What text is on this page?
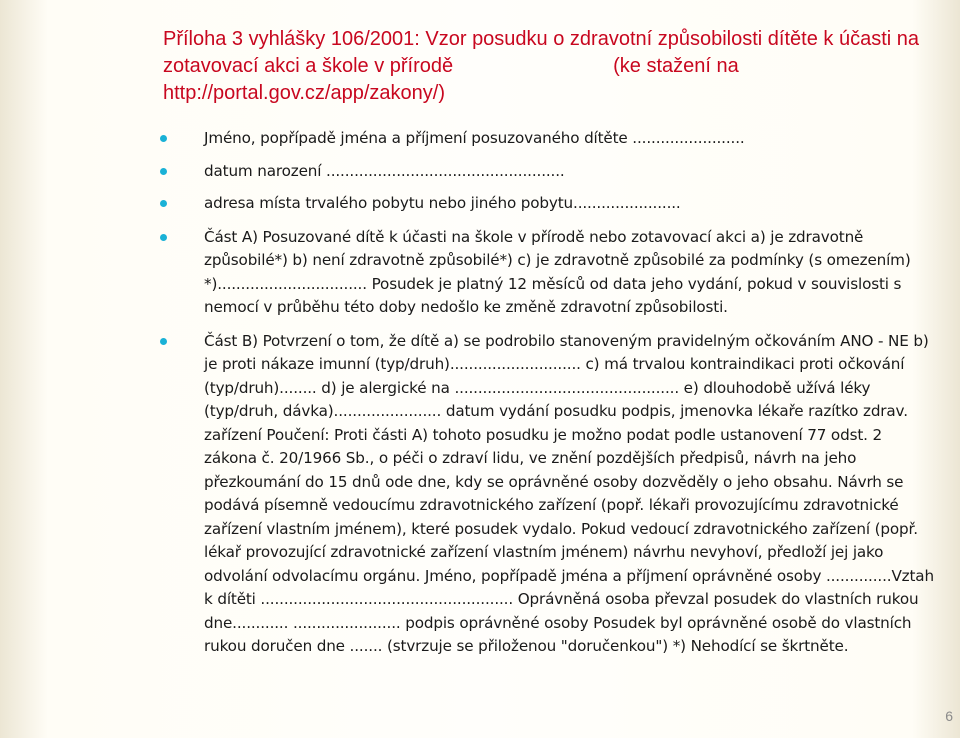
Příloha 3 vyhlášky 106/2001: Vzor posudku o zdravotní způsobilosti dítěte k účasti na
zotavovací akci a škole v přírodě	(ke stažení na
http://portal.gov.cz/app/zakony/)
Jméno, popřípadě jména a příjmení posuzovaného dítěte ........................
datum narození ...................................................
adresa místa trvalého pobytu nebo jiného pobytu.......................
Část A) Posuzované dítě k účasti na škole v přírodě nebo zotavovací akci a) je zdravotně způsobilé*) b) není zdravotně způsobilé*) c) je zdravotně způsobilé za podmínky (s omezením) *)................................ Posudek je platný 12 měsíců od data jeho vydání, pokud v souvislosti s nemocí v průběhu této doby nedošlo ke změně zdravotní způsobilosti.
Část B) Potvrzení o tom, že dítě a) se podrobilo stanoveným pravidelným očkováním ANO - NE b) je proti nákaze imunní (typ/druh)............................ c) má trvalou kontraindikaci proti očkování (typ/druh)........ d) je alergické na ................................................ e) dlouhodobě užívá léky (typ/druh, dávka)....................... datum vydání posudku podpis, jmenovka lékaře razítko zdrav. zařízení Poučení: Proti části A) tohoto posudku je možno podat podle ustanovení 77 odst. 2 zákona č. 20/1966 Sb., o péči o zdraví lidu, ve znění pozdějších předpisů, návrh na jeho přezkoumání do 15 dnů ode dne, kdy se oprávněné osoby dozvěděly o jeho obsahu. Návrh se podává písemně vedoucímu zdravotnického zařízení (popř. lékaři provozujícímu zdravotnické zařízení vlastním jménem), které posudek vydalo. Pokud vedoucí zdravotnického zařízení (popř. lékař provozující zdravotnické zařízení vlastním jménem) návrhu nevyhoví, předloží jej jako odvolání odvolacímu orgánu. Jméno, popřípadě jména a příjmení oprávněné osoby ..............Vztah k dítěti ...................................................... Oprávněná osoba převzal posudek do vlastních rukou dne............ ....................... podpis oprávněné osoby Posudek byl oprávněné osobě do vlastních rukou doručen dne ....... (stvrzuje se přiloženou "doručenkou") *) Nehodící se škrtněte.
6
